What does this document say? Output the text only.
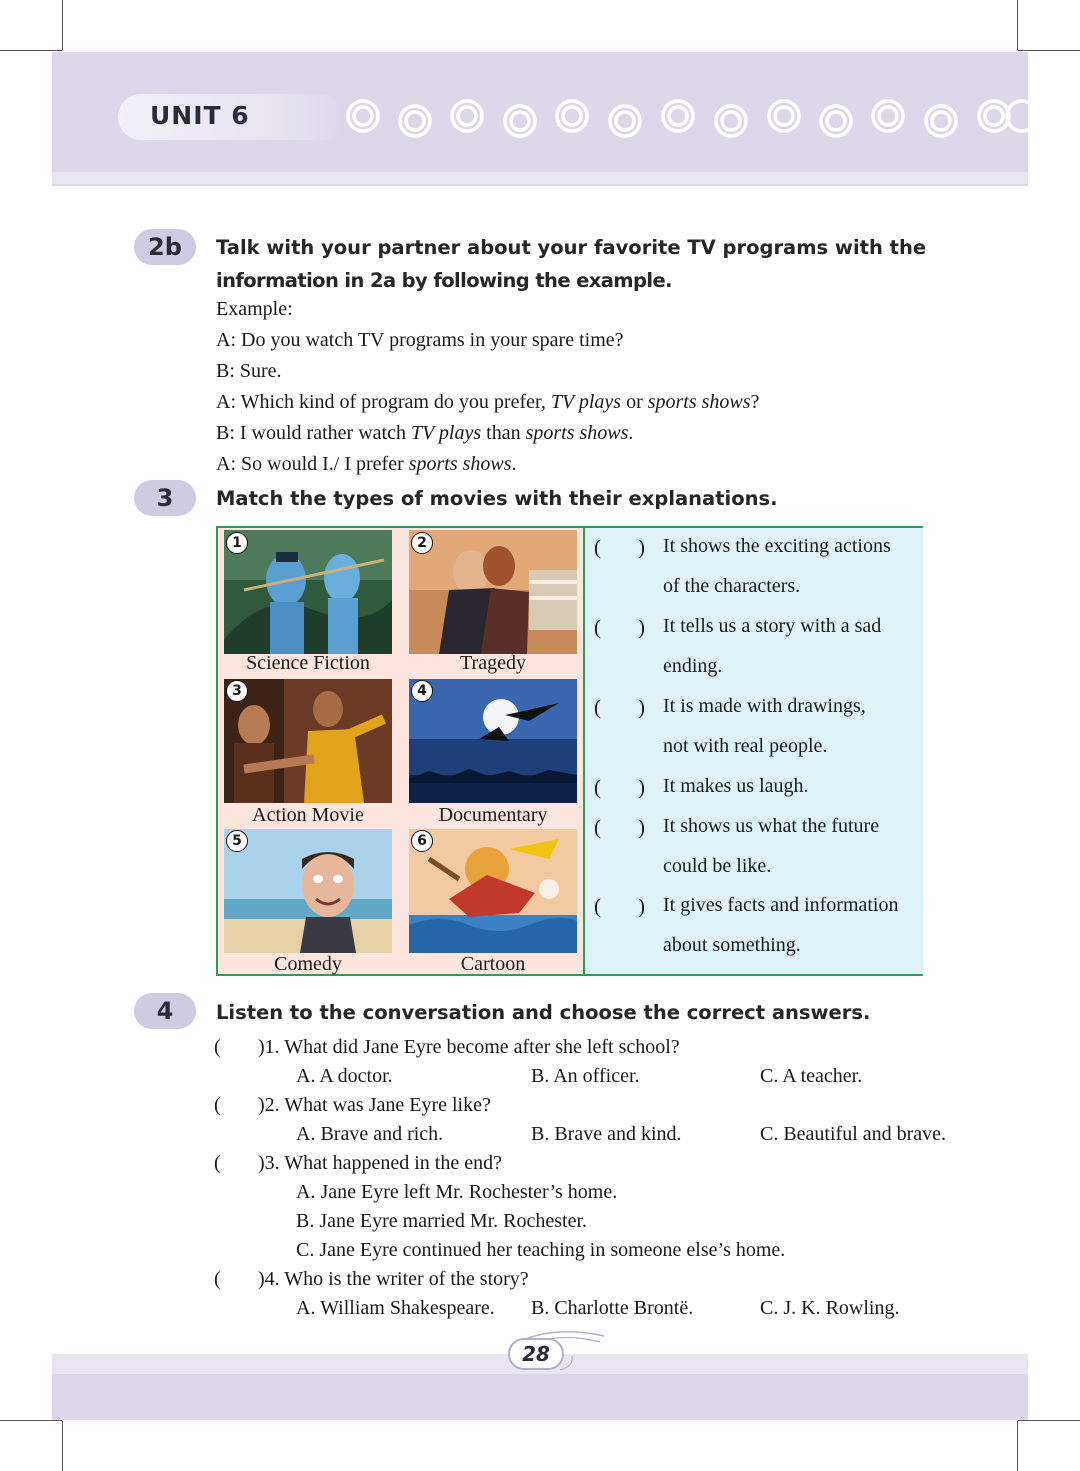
UNIT 6
2b	Talk with your partner about your favorite TV programs with the
information in 2a by following the example.
Example:
A: Do you watch TV programs in your spare time?
B: Sure.
A: Which kind of program do you prefer, TV plays or sports shows?
B: I would rather watch TV plays than sports shows.
A: So would I./ I prefer sports shows.
3	Match the types of movies with their explanations.
1
Science Fiction
2
Tragedy
3
Action Movie
4
Documentary
5
Comedy
6
Cartoon
( ) It shows the exciting actions
of the characters.
( ) It tells us a story with a sad
ending.
( ) It is made with drawings,
not with real people.
( ) It makes us laugh.
( ) It shows us what the future
could be like.
( ) It gives facts and information
about something.
4	Listen to the conversation and choose the correct answers.
( )1. What did Jane Eyre become after she left school?
A. A doctor.	B. An officer.	C. A teacher.
( )2. What was Jane Eyre like?
A. Brave and rich.	B. Brave and kind.	C. Beautiful and brave.
( )3. What happened in the end?
A. Jane Eyre left Mr. Rochester’s home.
B. Jane Eyre married Mr. Rochester.
C. Jane Eyre continued her teaching in someone else’s home.
( )4. Who is the writer of the story?
A. William Shakespeare. B. Charlotte Brontë.	C. J. K. Rowling.
28
